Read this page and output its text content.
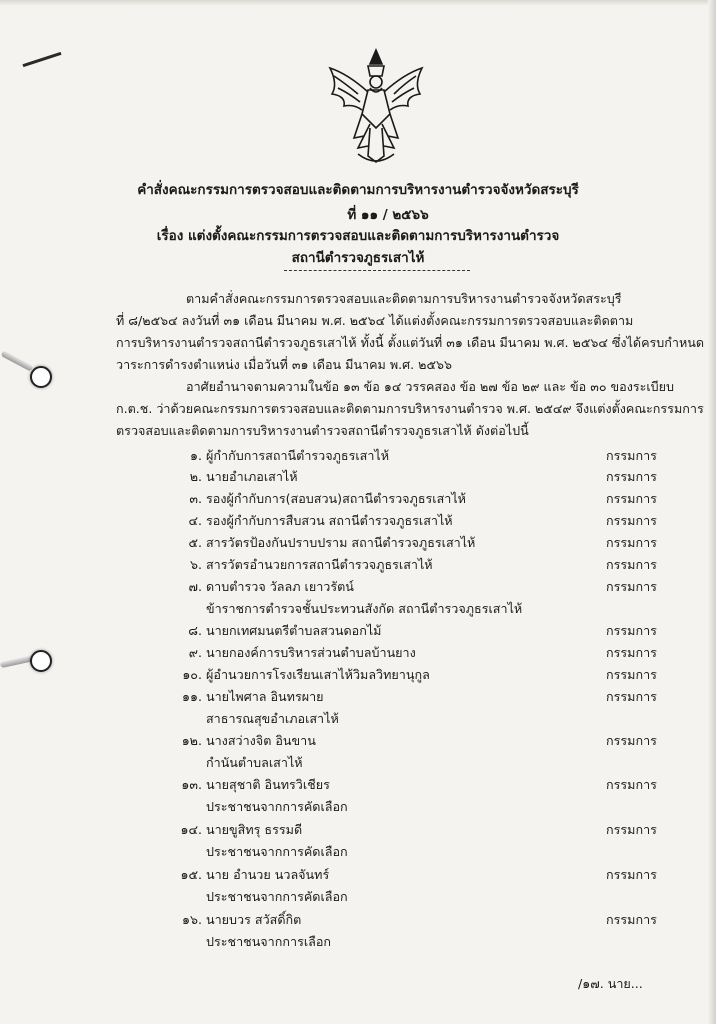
คำสั่งคณะกรรมการตรวจสอบและติดตามการบริหารงานตำรวจจังหวัดสระบุรี
ที่ ๑๑ / ๒๕๖๖
เรื่อง แต่งตั้งคณะกรรมการตรวจสอบและติดตามการบริหารงานตำรวจ
สถานีตำรวจภูธรเสาไห้
ตามคำสั่งคณะกรรมการตรวจสอบและติดตามการบริหารงานตำรวจจังหวัดสระบุรี
ที่ ๘/๒๕๖๔ ลงวันที่ ๓๑ เดือน มีนาคม พ.ศ. ๒๕๖๔ ได้แต่งตั้งคณะกรรมการตรวจสอบและติดตาม
การบริหารงานตำรวจสถานีตำรวจภูธรเสาไห้ ทั้งนี้ ตั้งแต่วันที่ ๓๑ เดือน มีนาคม พ.ศ. ๒๕๖๔ ซึ่งได้ครบกำหนด
วาระการดำรงตำแหน่ง เมื่อวันที่ ๓๑ เดือน มีนาคม พ.ศ. ๒๕๖๖
อาศัยอำนาจตามความในข้อ ๑๓ ข้อ ๑๔ วรรคสอง ข้อ ๒๗ ข้อ ๒๙ และ ข้อ ๓๐ ของระเบียบ
ก.ต.ช. ว่าด้วยคณะกรรมการตรวจสอบและติดตามการบริหารงานตำรวจ พ.ศ. ๒๕๔๙ จึงแต่งตั้งคณะกรรมการ
ตรวจสอบและติดตามการบริหารงานตำรวจสถานีตำรวจภูธรเสาไห้ ดังต่อไปนี้
๑. ผู้กำกับการสถานีตำรวจภูธรเสาไห้	กรรมการ
๒. นายอำเภอเสาไห้	กรรมการ
๓. รองผู้กำกับการ(สอบสวน)สถานีตำรวจภูธรเสาไห้	กรรมการ
๔. รองผู้กำกับการสืบสวน สถานีตำรวจภูธรเสาไห้	กรรมการ
๕. สารวัตรป้องกันปราบปราม สถานีตำรวจภูธรเสาไห้	กรรมการ
๖. สารวัตรอำนวยการสถานีตำรวจภูธรเสาไห้	กรรมการ
๗. ดาบตำรวจ วัลลภ เยาวรัตน์	กรรมการ
ข้าราชการตำรวจชั้นประทวนสังกัด สถานีตำรวจภูธรเสาไห้
๘. นายกเทศมนตรีตำบลสวนดอกไม้	กรรมการ
๙. นายกองค์การบริหารส่วนตำบลบ้านยาง	กรรมการ
๑๐. ผู้อำนวยการโรงเรียนเสาไห้วิมลวิทยานุกูล	กรรมการ
๑๑. นายไพศาล อินทรผาย	กรรมการ
สาธารณสุขอำเภอเสาไห้
๑๒. นางสว่างจิต อินขาน	กรรมการ
กำนันตำบลเสาไห้
๑๓. นายสุชาติ อินทรวิเชียร	กรรมการ
ประชาชนจากการคัดเลือก
๑๔. นายขูสิทรุ ธรรมดี	กรรมการ
ประชาชนจากการคัดเลือก
๑๕. นาย อำนวย นวลจันทร์	กรรมการ
ประชาชนจากการคัดเลือก
๑๖. นายบวร สวัสดิ์กิต	กรรมการ
ประชาชนจากการเลือก
/๑๗. นาย...
